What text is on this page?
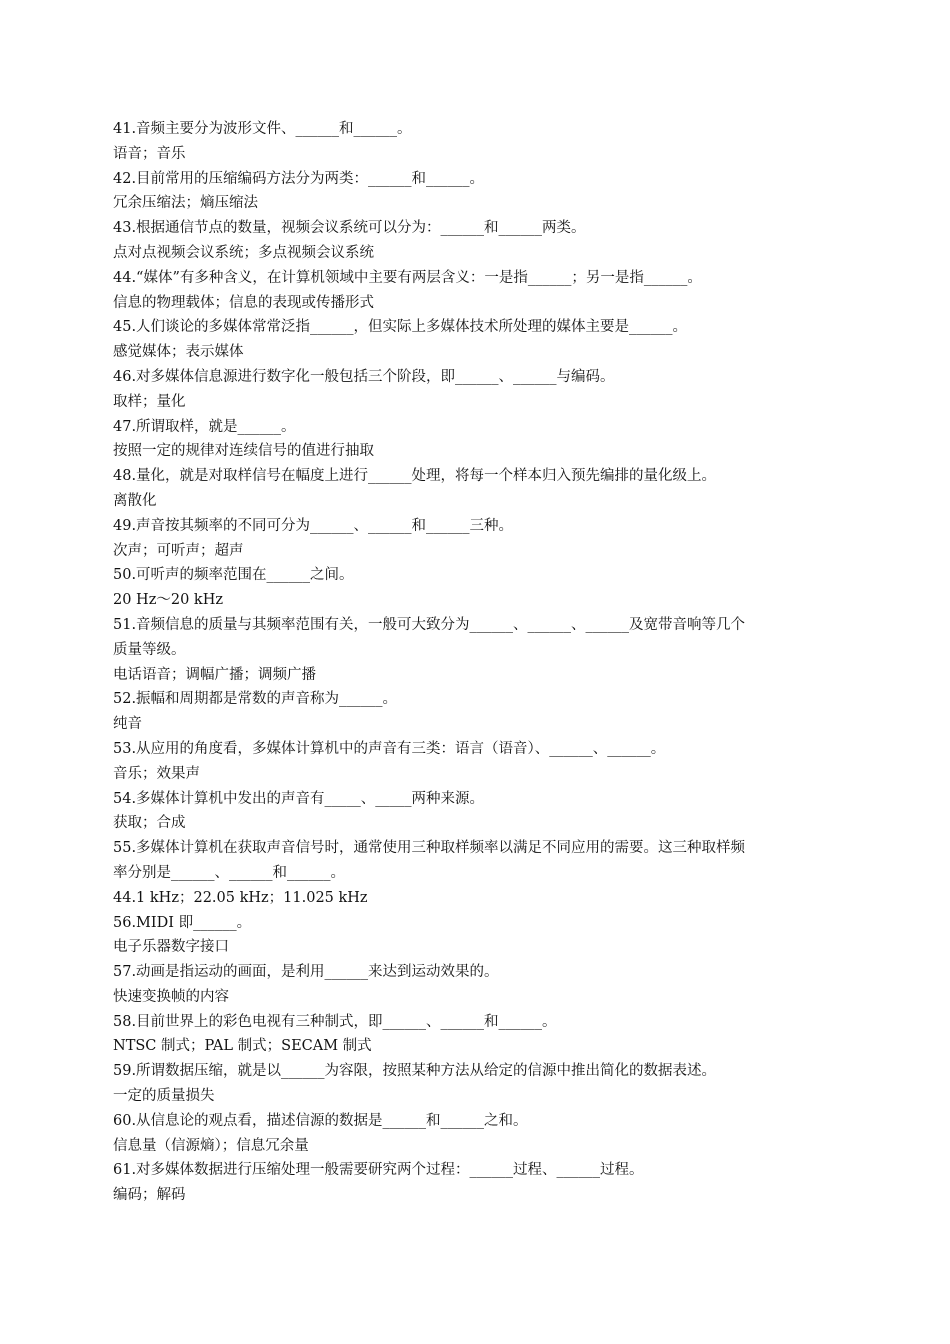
41.音频主要分为波形文件、______和______。
语音；音乐
42.目前常用的压缩编码方法分为两类：______和______。
冗余压缩法；熵压缩法
43.根据通信节点的数量，视频会议系统可以分为：______和______两类。
点对点视频会议系统；多点视频会议系统
44.“媒体”有多种含义，在计算机领域中主要有两层含义：一是指______；另一是指______。
信息的物理载体；信息的表现或传播形式
45.人们谈论的多媒体常常泛指______，但实际上多媒体技术所处理的媒体主要是______。
感觉媒体；表示媒体
46.对多媒体信息源进行数字化一般包括三个阶段，即______、______与编码。
取样；量化
47.所谓取样，就是______。
按照一定的规律对连续信号的值进行抽取
48.量化，就是对取样信号在幅度上进行______处理，将每一个样本归入预先编排的量化级上。
离散化
49.声音按其频率的不同可分为______、______和______三种。
次声；可听声；超声
50.可听声的频率范围在______之间。
20 Hz～20 kHz
51.音频信息的质量与其频率范围有关，一般可大致分为______、______、______及宽带音响等几个
质量等级。
电话语音；调幅广播；调频广播
52.振幅和周期都是常数的声音称为______。
纯音
53.从应用的角度看，多媒体计算机中的声音有三类：语言（语音）、______、______。
音乐；效果声
54.多媒体计算机中发出的声音有_____、_____两种来源。
获取；合成
55.多媒体计算机在获取声音信号时，通常使用三种取样频率以满足不同应用的需要。这三种取样频
率分别是______、______和______。
44.1 kHz；22.05 kHz；11.025 kHz
56.MIDI 即______。
电子乐器数字接口
57.动画是指运动的画面，是利用______来达到运动效果的。
快速变换帧的内容
58.目前世界上的彩色电视有三种制式，即______、______和______。
NTSC 制式；PAL 制式；SECAM 制式
59.所谓数据压缩，就是以______为容限，按照某种方法从给定的信源中推出简化的数据表述。
一定的质量损失
60.从信息论的观点看，描述信源的数据是______和______之和。
信息量（信源熵）；信息冗余量
61.对多媒体数据进行压缩处理一般需要研究两个过程：______过程、______过程。
编码；解码
